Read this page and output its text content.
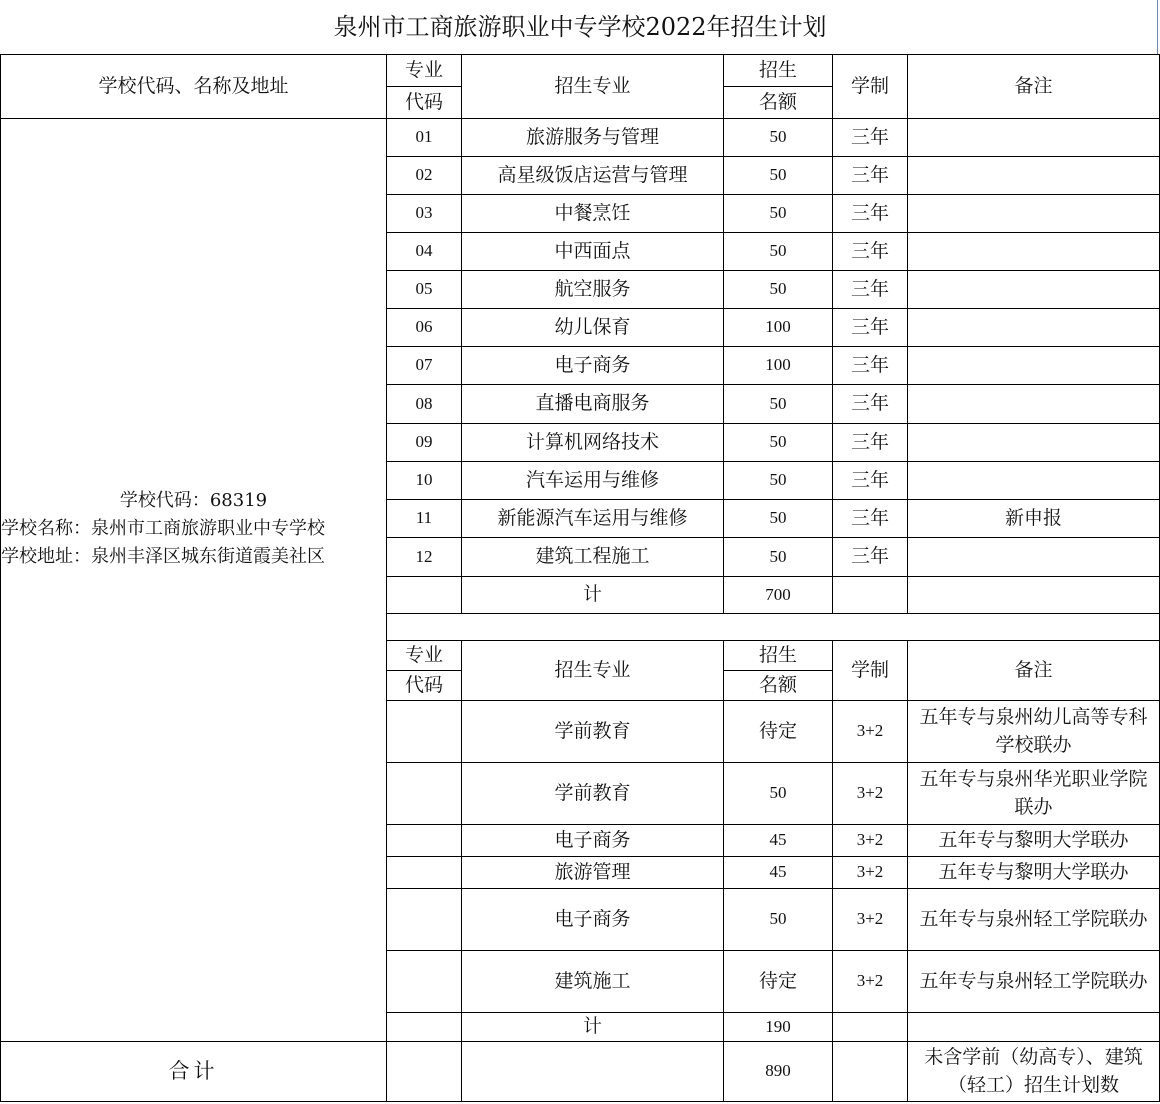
泉州市工商旅游职业中专学校2022年招生计划
学校代码、名称及地址	专业	招生专业	招生	学制	备注
	代码		名额		

学校代码：68319
学校名称：泉州市工商旅游职业中专学校
学校地址：泉州丰泽区城东街道霞美社区	01	旅游服务与管理	50	三年	
	02	高星级饭店运营与管理	50	三年	
	03	中餐烹饪	50	三年	
	04	中西面点	50	三年	
	05	航空服务	50	三年	
	06	幼儿保育	100	三年	
	07	电子商务	100	三年	
	08	直播电商服务	50	三年	
	09	计算机网络技术	50	三年	
	10	汽车运用与维修	50	三年	
	11	新能源汽车运用与维修	50	三年	新申报
	12	建筑工程施工	50	三年	
		计	700		

	专业	招生专业	招生	学制	备注
	代码		名额		
		学前教育	待定	3+2	五年专与泉州幼儿高等专科学校联办
		学前教育	50	3+2	五年专与泉州华光职业学院联办
		电子商务	45	3+2	五年专与黎明大学联办
		旅游管理	45	3+2	五年专与黎明大学联办
		电子商务	50	3+2	五年专与泉州轻工学院联办
		建筑施工	待定	3+2	五年专与泉州轻工学院联办
		计	190		
合计			890		未含学前（幼高专）、建筑（轻工）招生计划数
